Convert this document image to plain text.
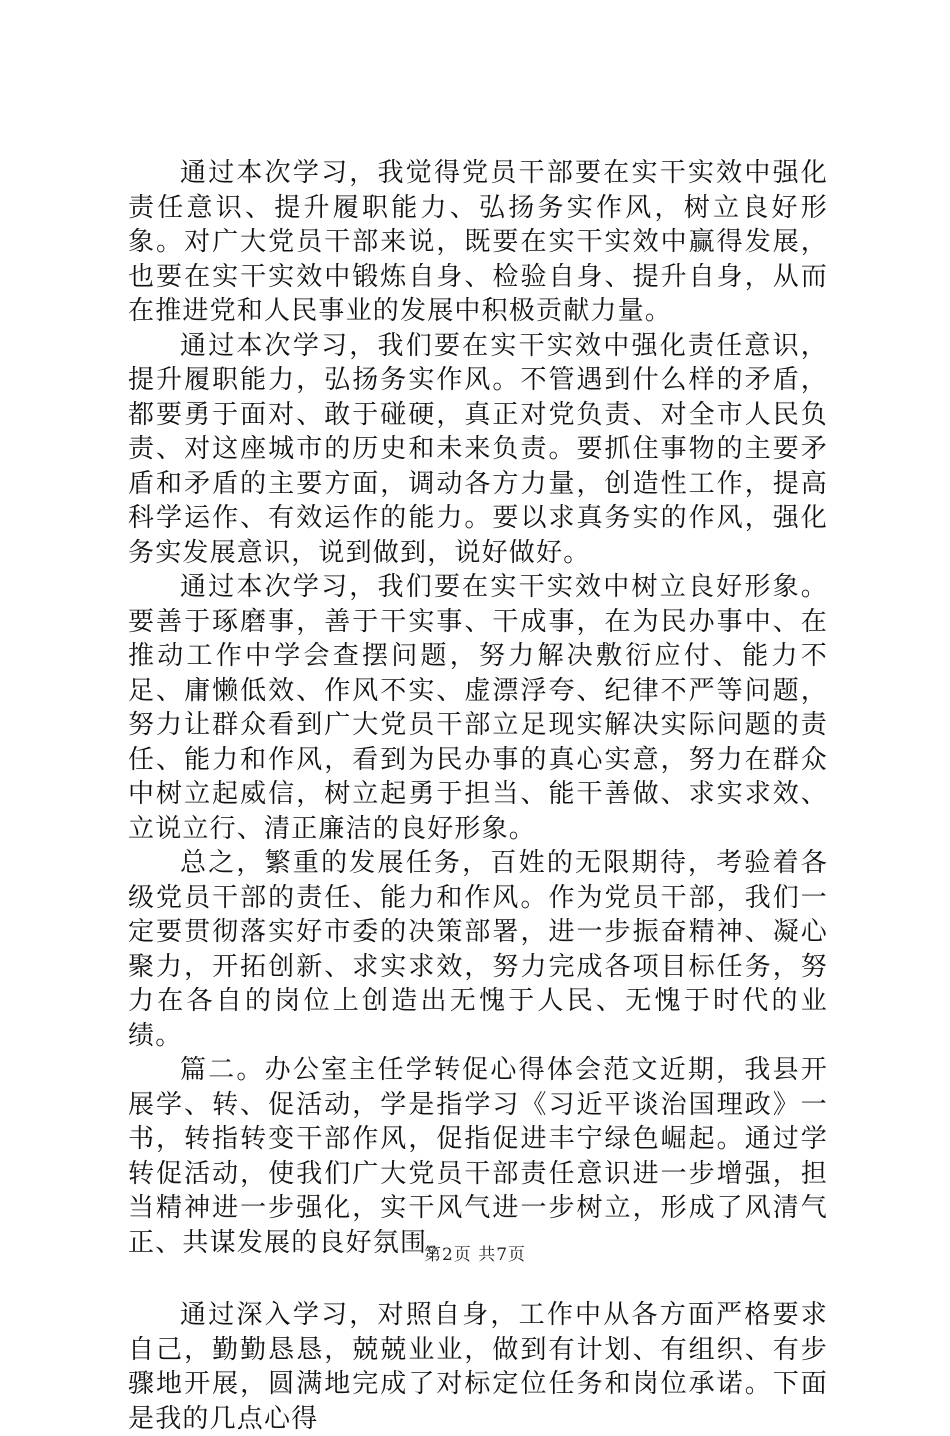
通过本次学习，我觉得党员干部要在实干实效中强化责任意识、提升履职能力、弘扬务实作风，树立良好形象。对广大党员干部来说，既要在实干实效中赢得发展，也要在实干实效中锻炼自身、检验自身、提升自身，从而在推进党和人民事业的发展中积极贡献力量。

通过本次学习，我们要在实干实效中强化责任意识，提升履职能力，弘扬务实作风。不管遇到什么样的矛盾，都要勇于面对、敢于碰硬，真正对党负责、对全市人民负责、对这座城市的历史和未来负责。要抓住事物的主要矛盾和矛盾的主要方面，调动各方力量，创造性工作，提高科学运作、有效运作的能力。要以求真务实的作风，强化务实发展意识，说到做到，说好做好。

通过本次学习，我们要在实干实效中树立良好形象。要善于琢磨事，善于干实事、干成事，在为民办事中、在推动工作中学会查摆问题，努力解决敷衍应付、能力不足、庸懒低效、作风不实、虚漂浮夸、纪律不严等问题，努力让群众看到广大党员干部立足现实解决实际问题的责任、能力和作风，看到为民办事的真心实意，努力在群众中树立起威信，树立起勇于担当、能干善做、求实求效、立说立行、清正廉洁的良好形象。

总之，繁重的发展任务，百姓的无限期待，考验着各级党员干部的责任、能力和作风。作为党员干部，我们一定要贯彻落实好市委的决策部署，进一步振奋精神、凝心聚力，开拓创新、求实求效，努力完成各项目标任务，努力在各自的岗位上创造出无愧于人民、无愧于时代的业绩。

篇二。办公室主任学转促心得体会范文近期，我县开展学、转、促活动，学是指学习《习近平谈治国理政》一书，转指转变干部作风，促指促进丰宁绿色崛起。通过学转促活动，使我们广大党员干部责任意识进一步增强，担当精神进一步强化，实干风气进一步树立，形成了风清气正、共谋发展的良好氛围。

通过深入学习，对照自身，工作中从各方面严格要求自己，勤勤恳恳，兢兢业业，做到有计划、有组织、有步骤地开展，圆满地完成了对标定位任务和岗位承诺。下面是我的几点心得

第2页 共7页
